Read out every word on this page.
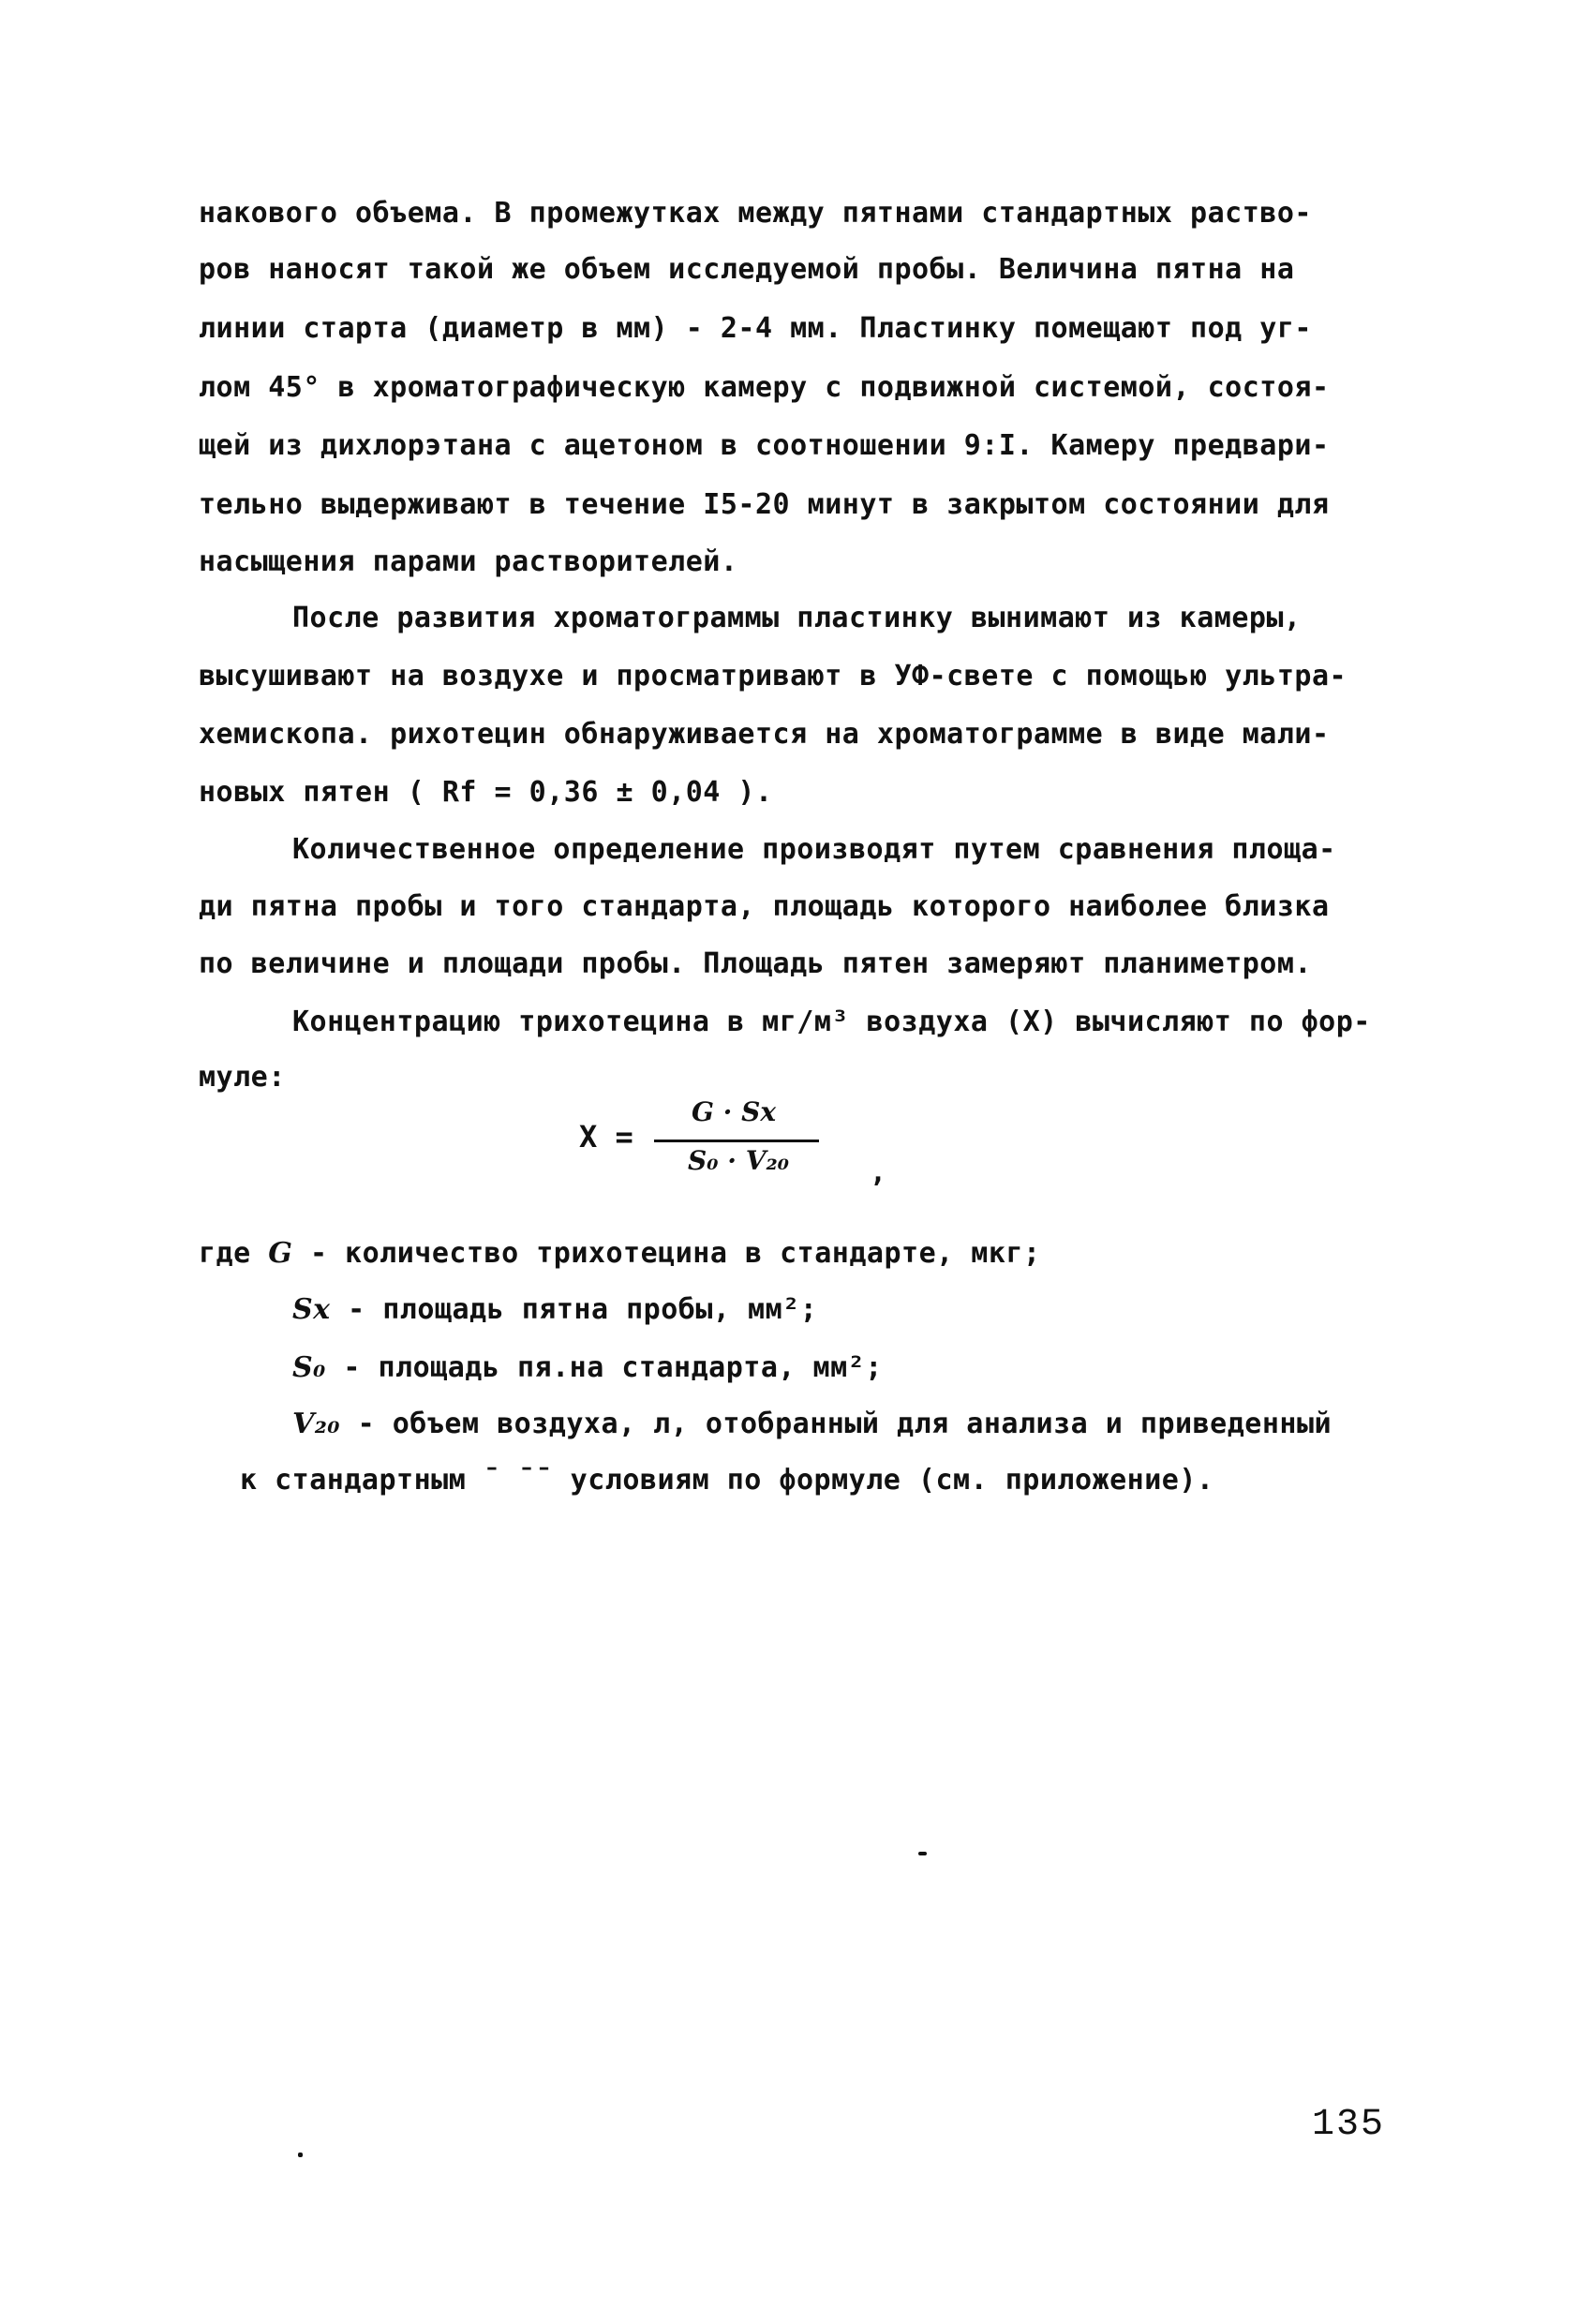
накового объема. В промежутках между пятнами стандартных раство-
ров наносят такой же объем исследуемой пробы. Величина пятна на
линии старта (диаметр в мм) - 2-4 мм. Пластинку помещают под уг-
лом 45° в хроматографическую камеру с подвижной системой, состоя-
щей из дихлорэтана с ацетоном в соотношении 9:I. Камеру предвари-
тельно выдерживают в течение I5-20 минут в закрытом состоянии для
насыщения парами растворителей.
После развития хроматограммы пластинку вынимают из камеры,
высушивают на воздухе и просматривают в УФ-свете с помощью ультра-
хемископа. рихотецин обнаруживается на хроматограмме в виде мали-
новых пятен ( Rf = 0,36 ± 0,04 ).
Количественное определение производят путем сравнения площа-
ди пятна пробы и того стандарта, площадь которого наиболее близка
по величине и площади пробы. Площадь пятен замеряют планиметром.
Концентрацию трихотецина в мг/м³ воздуха (X) вычисляют по фор-
муле:
X =
G · Sx
S₀ · V₂₀	,
где G - количество трихотецина в стандарте, мкг;
Sx - площадь пятна пробы, мм²;
S₀ - площадь пя.на стандарта, мм²;
V₂₀ - объем воздуха, л, отобранный для анализа и приведенный
к стандартным ˉ ˉˉ условиям по формуле (см. приложение).
135
